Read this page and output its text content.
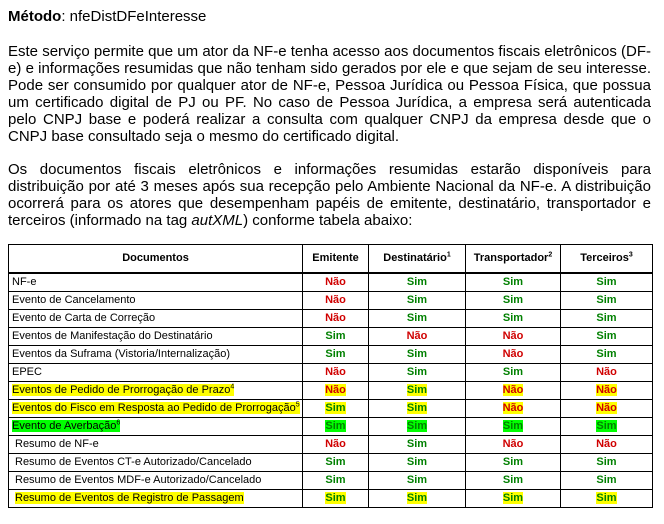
Método: nfeDistDFeInteresse

Este serviço permite que um ator da NF-e tenha acesso aos documentos fiscais eletrônicos (DF-e) e informações resumidas que não tenham sido gerados por ele e que sejam de seu interesse. Pode ser consumido por qualquer ator de NF-e, Pessoa Jurídica ou Pessoa Física, que possua um certificado digital de PJ ou PF. No caso de Pessoa Jurídica, a empresa será autenticada pelo CNPJ base e poderá realizar a consulta com qualquer CNPJ da empresa desde que o CNPJ base consultado seja o mesmo do certificado digital.

Os documentos fiscais eletrônicos e informações resumidas estarão disponíveis para distribuição por até 3 meses após sua recepção pelo Ambiente Nacional da NF-e. A distribuição ocorrerá para os atores que desempenham papéis de emitente, destinatário, transportador e terceiros (informado na tag autXML) conforme tabela abaixo:

Documentos	Emitente	Destinatário$^1$	Transportador$^2$	Terceiros$^3$
NF-e	Não	Sim	Sim	Sim
Evento de Cancelamento	Não	Sim	Sim	Sim
Evento de Carta de Correção	Não	Sim	Sim	Sim
Eventos de Manifestação do Destinatário	Sim	Não	Não	Sim
Eventos da Suframa (Vistoria/Internalização)	Sim	Sim	Não	Sim
EPEC	Não	Sim	Sim	Não
Eventos de Pedido de Prorrogação de Prazo$^4$	Não	Sim	Não	Não
Eventos do Fisco em Resposta ao Pedido de Prorrogação$^5$	Sim	Sim	Não	Não
Evento de Averbação$^6$	Sim	Sim	Sim	Sim
Resumo de NF-e	Não	Sim	Não	Não
Resumo de Eventos CT-e Autorizado/Cancelado	Sim	Sim	Sim	Sim
Resumo de Eventos MDF-e Autorizado/Cancelado	Sim	Sim	Sim	Sim
Resumo de Eventos de Registro de Passagem	Sim	Sim	Sim	Sim
